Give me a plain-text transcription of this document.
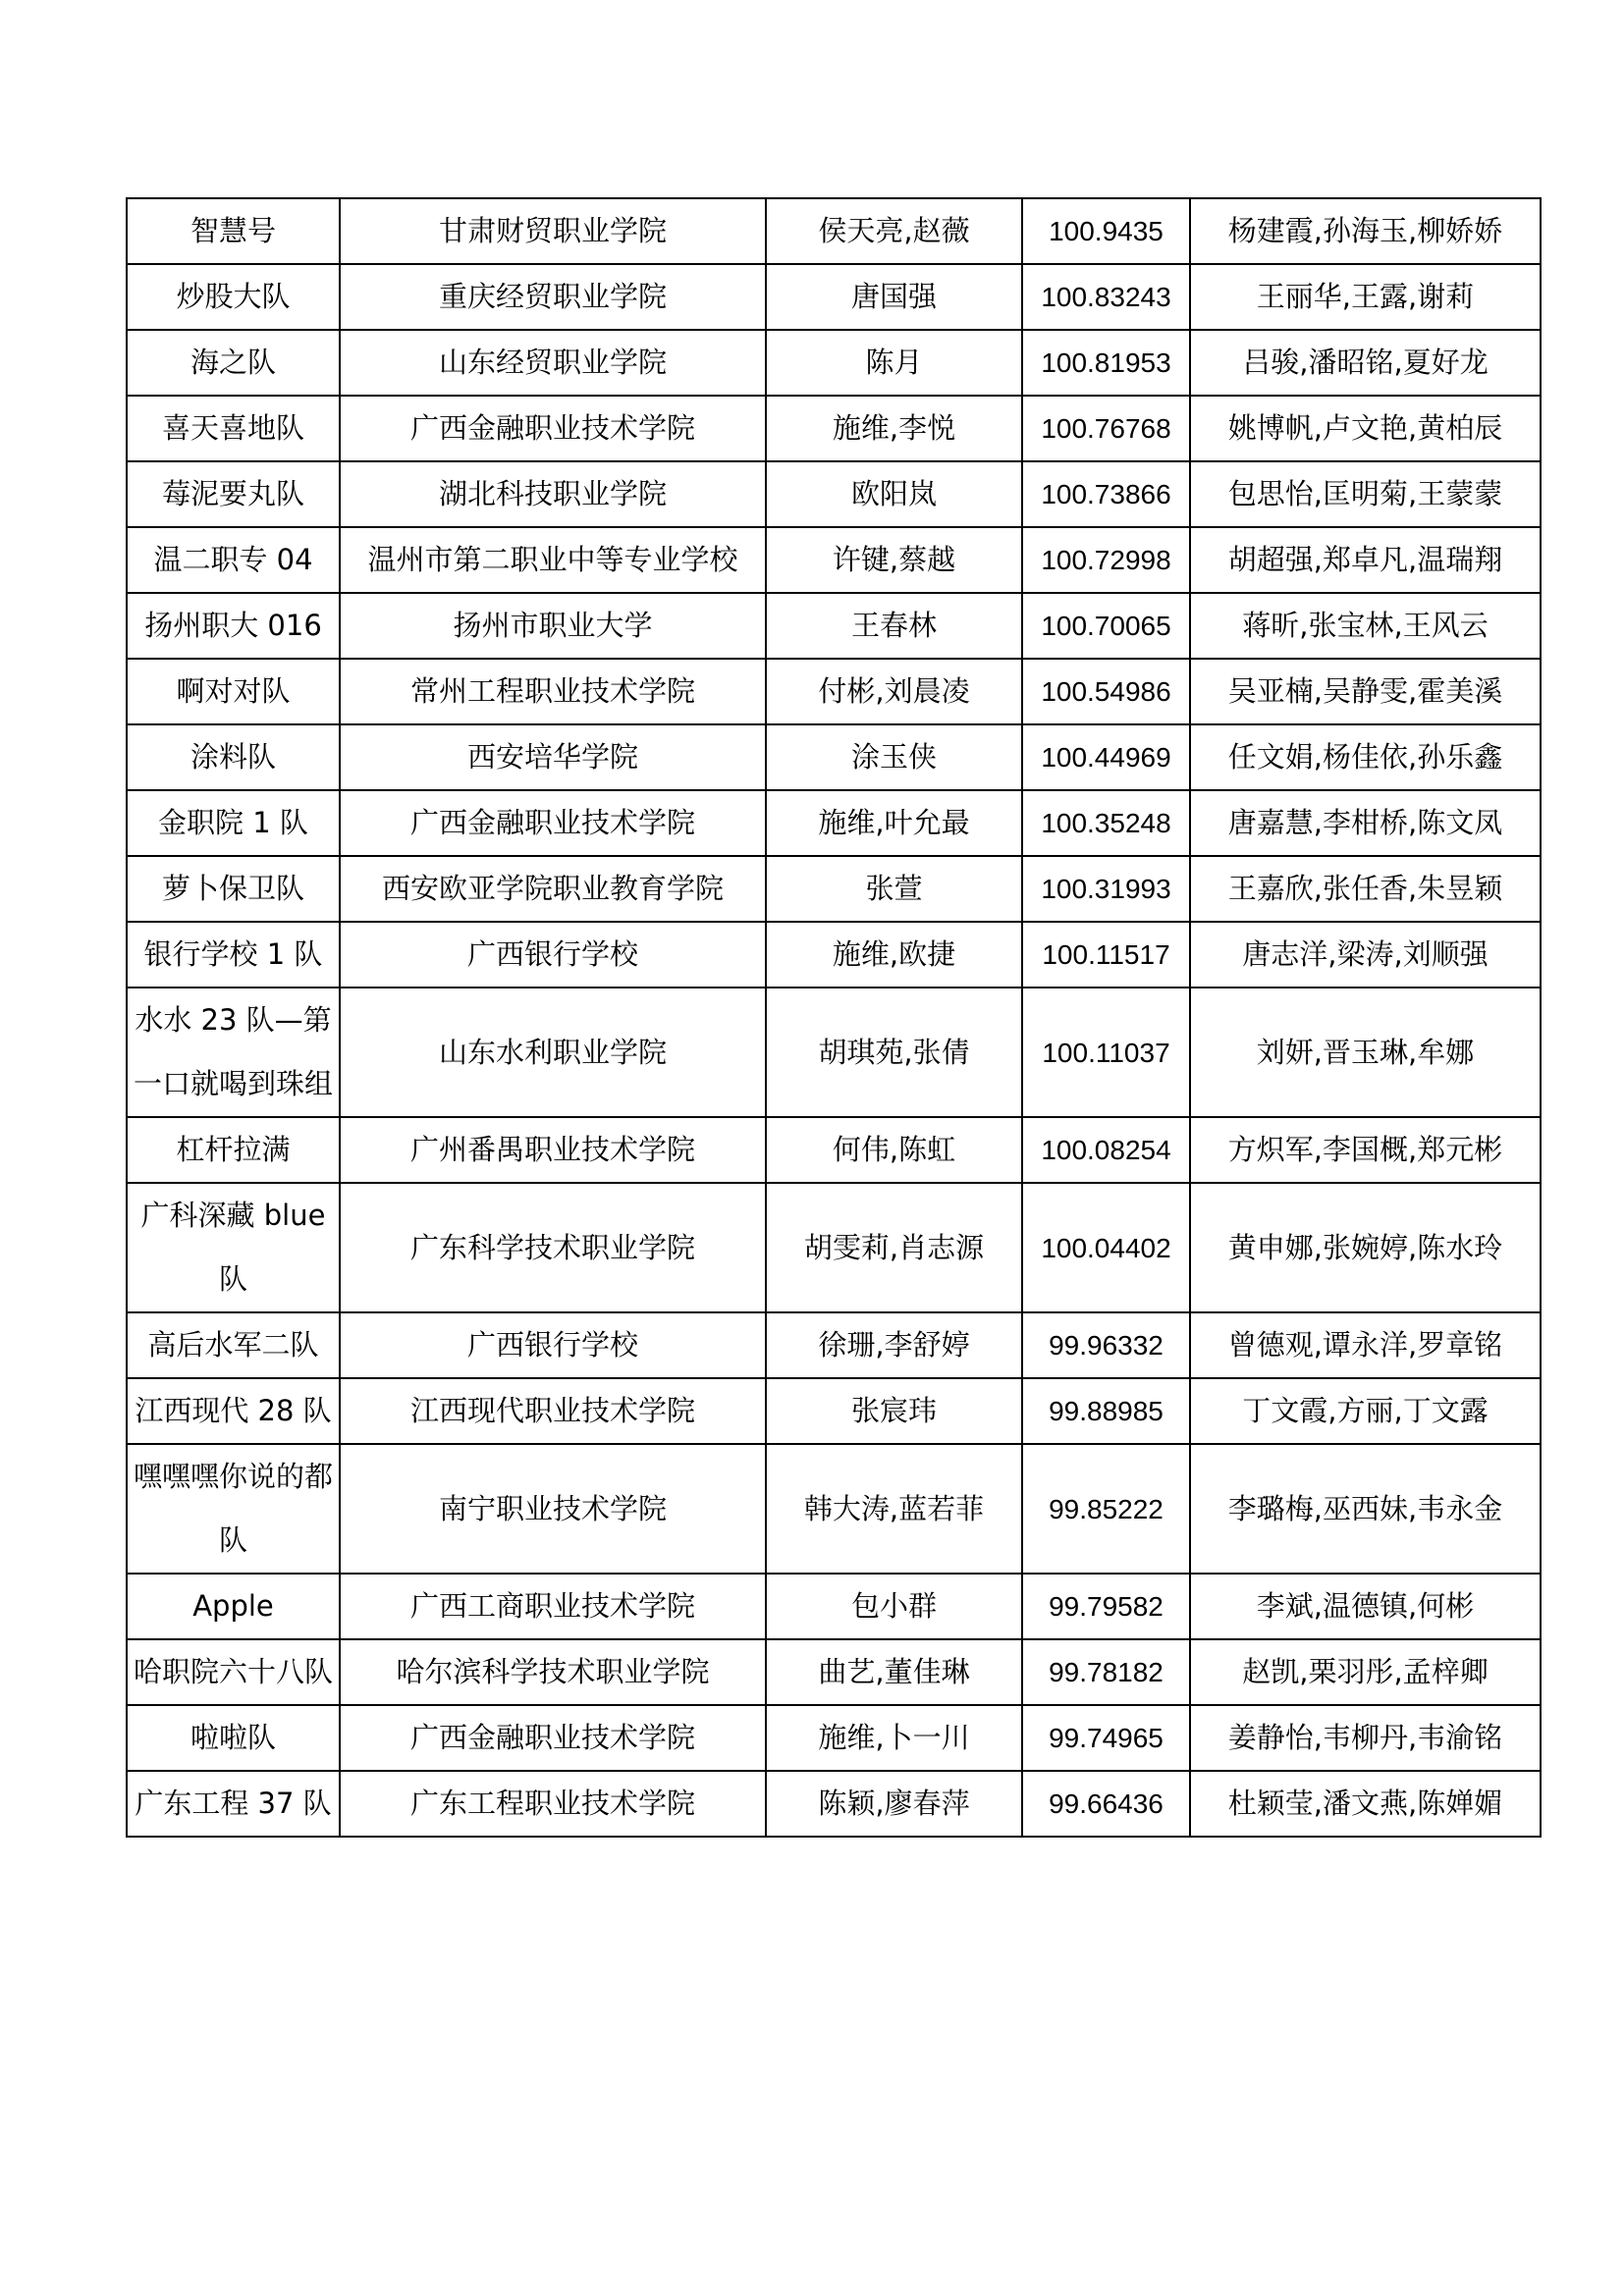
智慧号	甘肃财贸职业学院	侯天亮,赵薇	100.9435	杨建霞,孙海玉,柳娇娇
炒股大队	重庆经贸职业学院	唐国强	100.83243	王丽华,王露,谢莉
海之队	山东经贸职业学院	陈月	100.81953	吕骏,潘昭铭,夏好龙
喜天喜地队	广西金融职业技术学院	施维,李悦	100.76768	姚博帆,卢文艳,黄柏辰
莓泥要丸队	湖北科技职业学院	欧阳岚	100.73866	包思怡,匡明菊,王蒙蒙
温二职专 04	温州市第二职业中等专业学校	许键,蔡越	100.72998	胡超强,郑卓凡,温瑞翔
扬州职大 016	扬州市职业大学	王春林	100.70065	蒋昕,张宝林,王风云
啊对对队	常州工程职业技术学院	付彬,刘晨凌	100.54986	吴亚楠,吴静雯,霍美溪
涂料队	西安培华学院	涂玉侠	100.44969	任文娟,杨佳依,孙乐鑫
金职院 1 队	广西金融职业技术学院	施维,叶允最	100.35248	唐嘉慧,李柑桥,陈文凤
萝卜保卫队	西安欧亚学院职业教育学院	张萱	100.31993	王嘉欣,张任香,朱昱颖
银行学校 1 队	广西银行学校	施维,欧捷	100.11517	唐志洋,梁涛,刘顺强
水水 23 队—第一口就喝到珠组	山东水利职业学院	胡琪苑,张倩	100.11037	刘妍,晋玉琳,牟娜
杠杆拉满	广州番禺职业技术学院	何伟,陈虹	100.08254	方炽军,李国概,郑元彬
广科深藏 blue 队	广东科学技术职业学院	胡雯莉,肖志源	100.04402	黄申娜,张婉婷,陈水玲
高后水军二队	广西银行学校	徐珊,李舒婷	99.96332	曾德观,谭永洋,罗章铭
江西现代 28 队	江西现代职业技术学院	张宸玮	99.88985	丁文霞,方丽,丁文露
嘿嘿嘿你说的都队	南宁职业技术学院	韩大涛,蓝若菲	99.85222	李璐梅,巫西妹,韦永金
Apple	广西工商职业技术学院	包小群	99.79582	李斌,温德镇,何彬
哈职院六十八队	哈尔滨科学技术职业学院	曲艺,董佳琳	99.78182	赵凯,栗羽彤,孟梓卿
啦啦队	广西金融职业技术学院	施维,卜一川	99.74965	姜静怡,韦柳丹,韦渝铭
广东工程 37 队	广东工程职业技术学院	陈颖,廖春萍	99.66436	杜颖莹,潘文燕,陈婵媚
